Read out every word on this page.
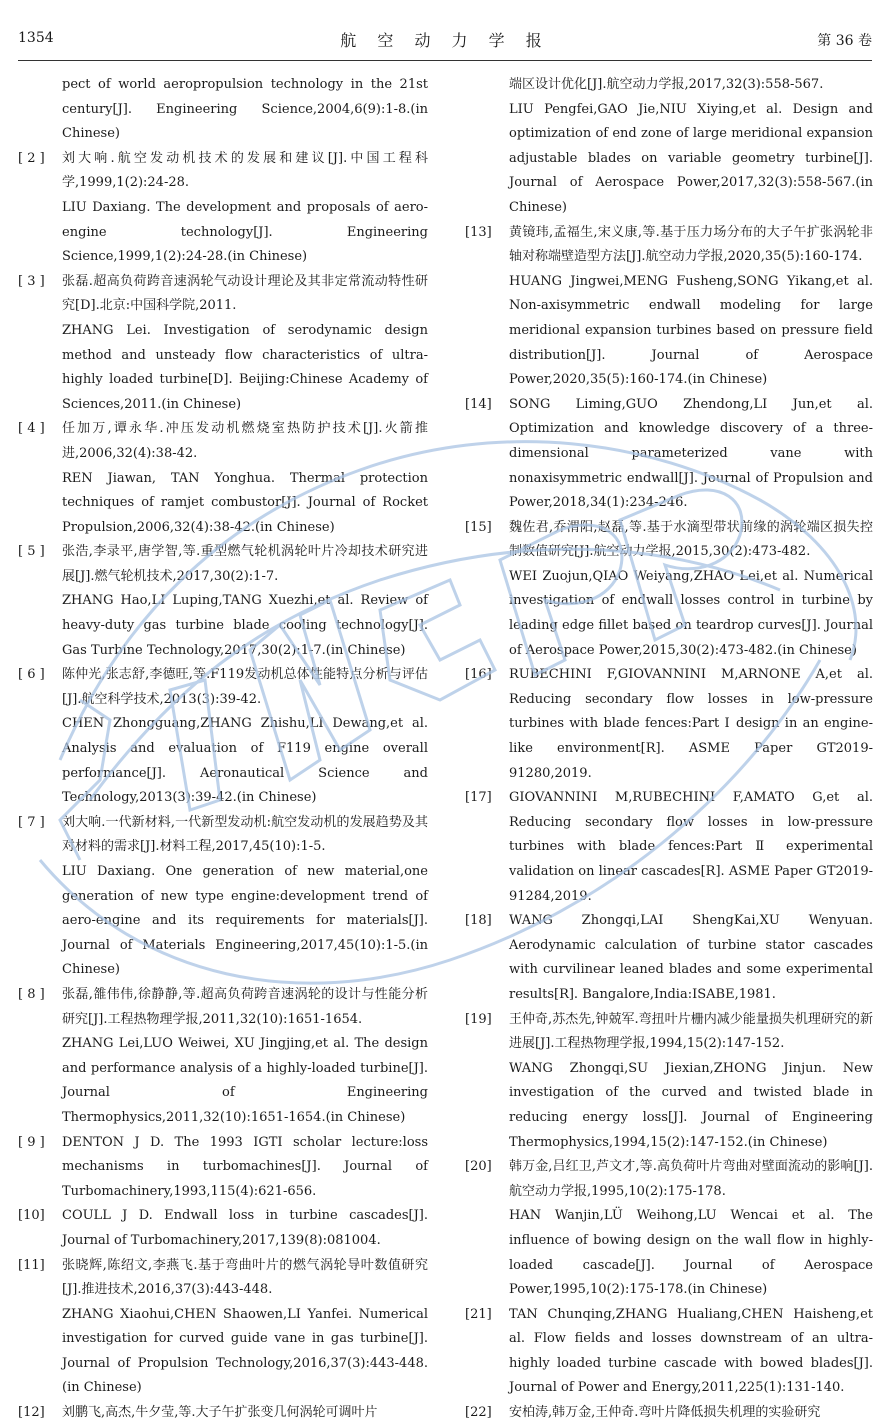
1354	航 空 动 力 学 报	第 36 卷
pect of world aeropropulsion technology in the 21st century[J]. Engineering Science,2004,6(9):1-8.(in Chinese)
[ 2 ]	刘大响.航空发动机技术的发展和建议[J].中国工程科学,1999,1(2):24-28.
LIU Daxiang. The development and proposals of aero-engine technology[J]. Engineering Science,1999,1(2):24-28.(in Chinese)
[ 3 ]	张磊.超高负荷跨音速涡轮气动设计理论及其非定常流动特性研究[D].北京:中国科学院,2011.
ZHANG Lei. Investigation of serodynamic design method and unsteady flow characteristics of ultra-highly loaded turbine[D]. Beijing:Chinese Academy of Sciences,2011.(in Chinese)
[ 4 ]	任加万,谭永华.冲压发动机燃烧室热防护技术[J].火箭推进,2006,32(4):38-42.
REN Jiawan, TAN Yonghua. Thermal protection techniques of ramjet combustor[J]. Journal of Rocket Propulsion,2006,32(4):38-42.(in Chinese)
[ 5 ]	张浩,李录平,唐学智,等.重型燃气轮机涡轮叶片冷却技术研究进展[J].燃气轮机技术,2017,30(2):1-7.
ZHANG Hao,LI Luping,TANG Xuezhi,et al. Review of heavy-duty gas turbine blade cooling technology[J]. Gas Turbine Technology,2017,30(2):1-7.(in Chinese)
[ 6 ]	陈仲光,张志舒,李德旺,等.F119发动机总体性能特点分析与评估[J].航空科学技术,2013(3):39-42.
CHEN Zhongguang,ZHANG Zhishu,LI Dewang,et al. Analysis and evaluation of F119 engine overall performance[J]. Aeronautical Science and Technology,2013(3):39-42.(in Chinese)
[ 7 ]	刘大响.一代新材料,一代新型发动机:航空发动机的发展趋势及其对材料的需求[J].材料工程,2017,45(10):1-5.
LIU Daxiang. One generation of new material,one generation of new type engine:development trend of aero-engine and its requirements for materials[J]. Journal of Materials Engineering,2017,45(10):1-5.(in Chinese)
[ 8 ]	张磊,雒伟伟,徐静静,等.超高负荷跨音速涡轮的设计与性能分析研究[J].工程热物理学报,2011,32(10):1651-1654.
ZHANG Lei,LUO Weiwei, XU Jingjing,et al. The design and performance analysis of a highly-loaded turbine[J]. Journal of Engineering Thermophysics,2011,32(10):1651-1654.(in Chinese)
[ 9 ]	DENTON J D. The 1993 IGTI scholar lecture:loss mechanisms in turbomachines[J]. Journal of Turbomachinery,1993,115(4):621-656.
[10]	COULL J D. Endwall loss in turbine cascades[J]. Journal of Turbomachinery,2017,139(8):081004.
[11]	张晓辉,陈绍文,李燕飞.基于弯曲叶片的燃气涡轮导叶数值研究[J].推进技术,2016,37(3):443-448.
ZHANG Xiaohui,CHEN Shaowen,LI Yanfei. Numerical investigation for curved guide vane in gas turbine[J]. Journal of Propulsion Technology,2016,37(3):443-448.(in Chinese)
[12]	刘鹏飞,高杰,牛夕莹,等.大子午扩张变几何涡轮可调叶片
端区设计优化[J].航空动力学报,2017,32(3):558-567.
LIU Pengfei,GAO Jie,NIU Xiying,et al. Design and optimization of end zone of large meridional expansion adjustable blades on variable geometry turbine[J]. Journal of Aerospace Power,2017,32(3):558-567.(in Chinese)
[13]	黄镜玮,孟福生,宋义康,等.基于压力场分布的大子午扩张涡轮非轴对称端壁造型方法[J].航空动力学报,2020,35(5):160-174.
HUANG Jingwei,MENG Fusheng,SONG Yikang,et al. Non-axisymmetric endwall modeling for large meridional expansion turbines based on pressure field distribution[J]. Journal of Aerospace Power,2020,35(5):160-174.(in Chinese)
[14]	SONG Liming,GUO Zhendong,LI Jun,et al. Optimization and knowledge discovery of a three-dimensional parameterized vane with nonaxisymmetric endwall[J]. Journal of Propulsion and Power,2018,34(1):234-246.
[15]	魏佐君,乔渭阳,赵磊,等.基于水滴型带状前缘的涡轮端区损失控制数值研究[J].航空动力学报,2015,30(2):473-482.
WEI Zuojun,QIAO Weiyang,ZHAO Lei,et al. Numerical investigation of endwall losses control in turbine by leading edge fillet based on teardrop curves[J]. Journal of Aerospace Power,2015,30(2):473-482.(in Chinese)
[16]	RUBECHINI F,GIOVANNINI M,ARNONE A,et al. Reducing secondary flow losses in low-pressure turbines with blade fences:Part Ⅰ design in an engine-like environment[R]. ASME Paper GT2019-91280,2019.
[17]	GIOVANNINI M,RUBECHINI F,AMATO G,et al. Reducing secondary flow losses in low-pressure turbines with blade fences:Part Ⅱ experimental validation on linear cascades[R]. ASME Paper GT2019-91284,2019.
[18]	WANG Zhongqi,LAI ShengKai,XU Wenyuan. Aerodynamic calculation of turbine stator cascades with curvilinear leaned blades and some experimental results[R]. Bangalore,India:ISABE,1981.
[19]	王仲奇,苏杰先,钟兢军.弯扭叶片栅内减少能量损失机理研究的新进展[J].工程热物理学报,1994,15(2):147-152.
WANG Zhongqi,SU Jiexian,ZHONG Jinjun. New investigation of the curved and twisted blade in reducing energy loss[J]. Journal of Engineering Thermophysics,1994,15(2):147-152.(in Chinese)
[20]	韩万金,吕红卫,芦文才,等.高负荷叶片弯曲对壁面流动的影响[J].航空动力学报,1995,10(2):175-178.
HAN Wanjin,LÜ Weihong,LU Wencai et al. The influence of bowing design on the wall flow in highly-loaded cascade[J]. Journal of Aerospace Power,1995,10(2):175-178.(in Chinese)
[21]	TAN Chunqing,ZHANG Hualiang,CHEN Haisheng,et al. Flow fields and losses downstream of an ultra-highly loaded turbine cascade with bowed blades[J]. Journal of Power and Energy,2011,225(1):131-140.
[22]	安柏涛,韩万金,王仲奇.弯叶片降低损失机理的实验研究
